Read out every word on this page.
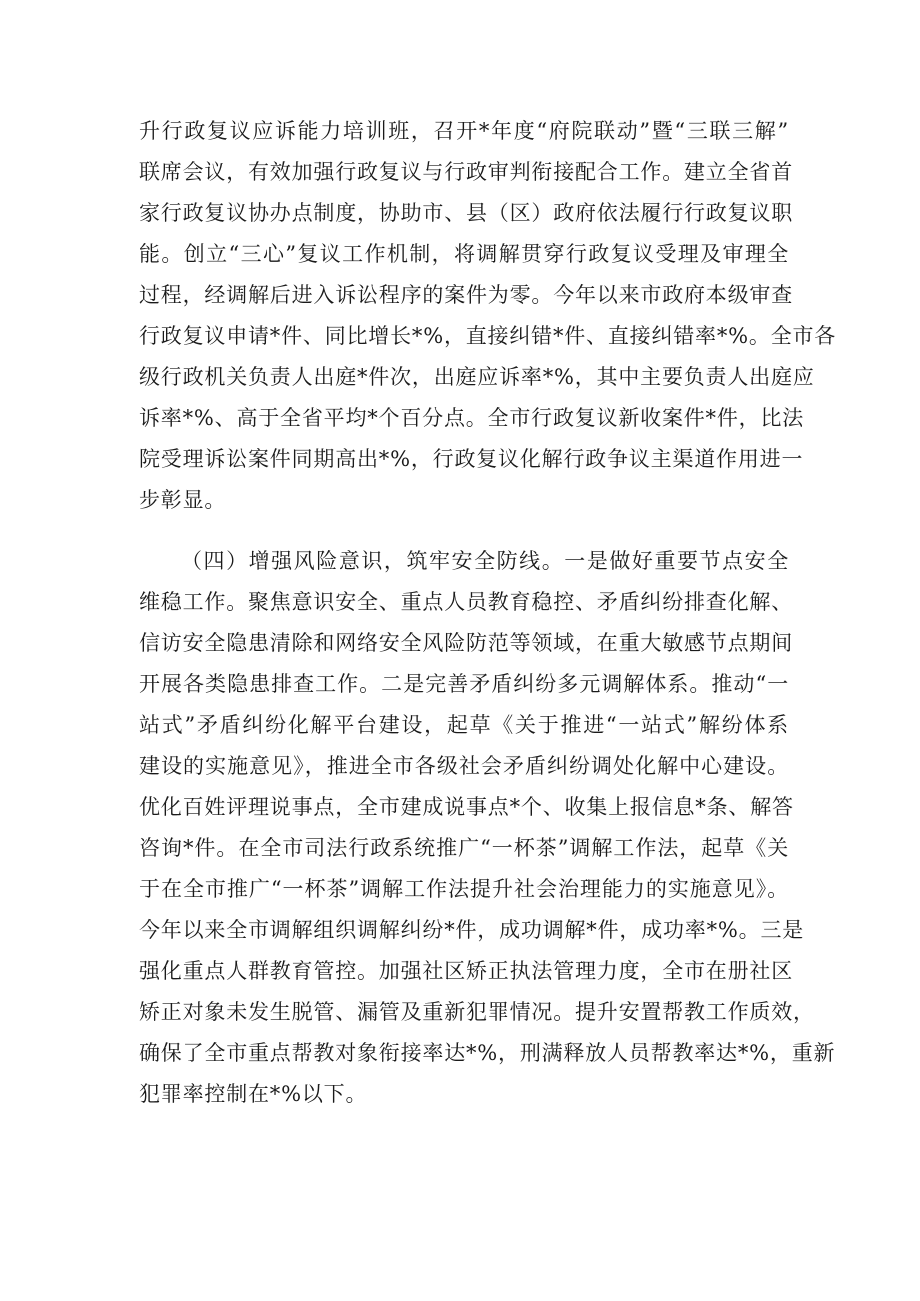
升行政复议应诉能力培训班，召开*年度“府院联动”暨“三联三解”
联席会议，有效加强行政复议与行政审判衔接配合工作。建立全省首
家行政复议协办点制度，协助市、县（区）政府依法履行行政复议职
能。创立“三心”复议工作机制，将调解贯穿行政复议受理及审理全
过程，经调解后进入诉讼程序的案件为零。今年以来市政府本级审查
行政复议申请*件、同比增长*%，直接纠错*件、直接纠错率*%。全市各
级行政机关负责人出庭*件次，出庭应诉率*%，其中主要负责人出庭应
诉率*%、高于全省平均*个百分点。全市行政复议新收案件*件，比法
院受理诉讼案件同期高出*%，行政复议化解行政争议主渠道作用进一
步彰显。
（四）增强风险意识，筑牢安全防线。一是做好重要节点安全
维稳工作。聚焦意识安全、重点人员教育稳控、矛盾纠纷排查化解、
信访安全隐患清除和网络安全风险防范等领域，在重大敏感节点期间
开展各类隐患排查工作。二是完善矛盾纠纷多元调解体系。推动“一
站式”矛盾纠纷化解平台建设，起草《关于推进“一站式”解纷体系
建设的实施意见》，推进全市各级社会矛盾纠纷调处化解中心建设。
优化百姓评理说事点，全市建成说事点*个、收集上报信息*条、解答
咨询*件。在全市司法行政系统推广“一杯茶”调解工作法，起草《关
于在全市推广“一杯茶”调解工作法提升社会治理能力的实施意见》。
今年以来全市调解组织调解纠纷*件，成功调解*件，成功率*%。三是
强化重点人群教育管控。加强社区矫正执法管理力度，全市在册社区
矫正对象未发生脱管、漏管及重新犯罪情况。提升安置帮教工作质效，
确保了全市重点帮教对象衔接率达*%，刑满释放人员帮教率达*%，重新
犯罪率控制在*%以下。
